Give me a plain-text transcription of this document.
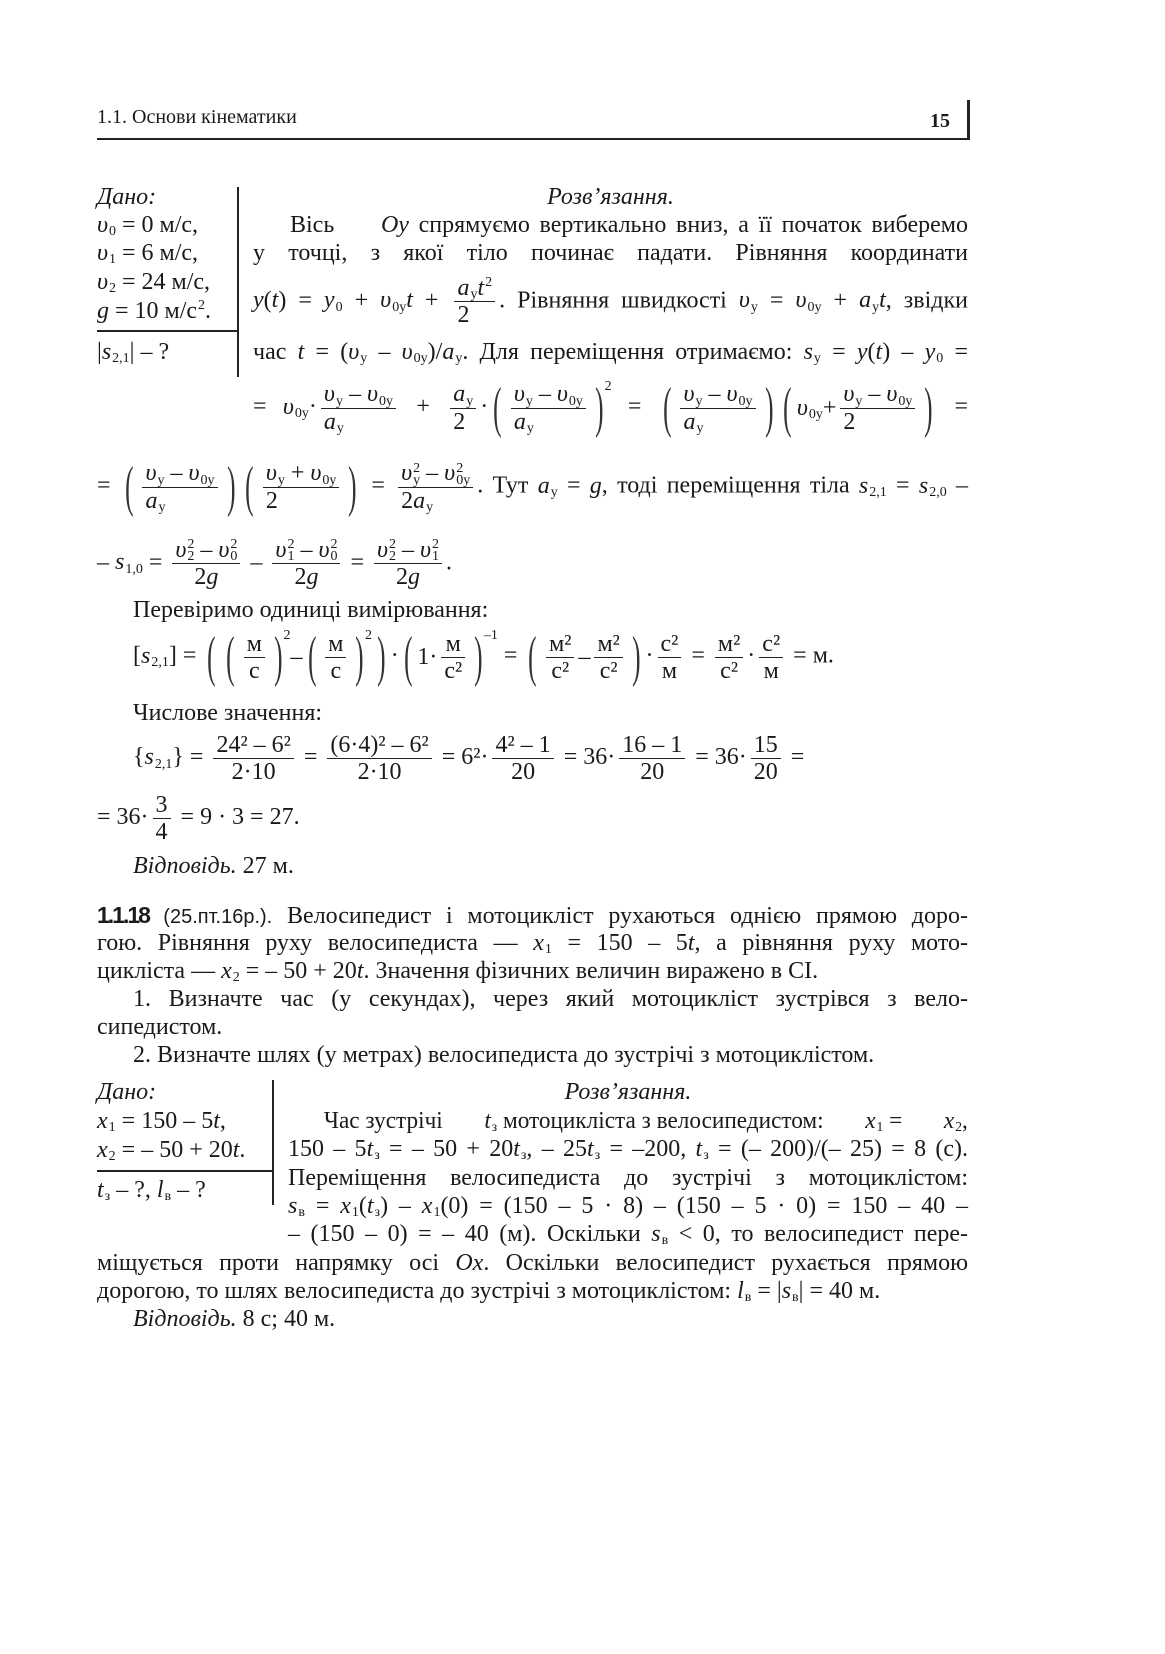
1.1. Основи кінематики	15
Дано:
υ 0 = 0 м/с,
υ 1 = 6 м/с,
υ 2 = 24 м/с,
g = 10 м/с 2 .
|s 2,1 | – ?
Розв’язання.
Вісь Oy спрямуємо вертикально вниз, а її початок виберемо
у точці, з якої тіло починає падати. Рівняння координати
y(t) = y 0 + υ 0y $t + \frac{\text{a y t 2}}{2}$ . Рівняння швидкості υ y = υ 0y + a y t, звідки
час t = (υ y – υ 0y )/a y . Для переміщення отримаємо: s y = y(t) – y 0 =
= υ $0y \cdot \frac{\text{υ y – υ 0y}}{\text{a y}} + \frac{\text{a y}}{2}$ · ( $\frac{\text{υ y – υ 0y}}{\text{a y}}$ ) 2
= ( $\frac{\text{υ y – υ 0y}}{\text{a y}}$ ) ( υ $0y + \frac{\text{υ y – υ 0y}}{2}$ ) =
= ( $\frac{\text{υ y – υ 0y}}{\text{a y}}$ ) ( $\frac{\text{υ y + υ 0y}}{2}$ ) = υ 2
y – υ 2
0y
2a y . Тут a y = g, тоді переміщення тіла s 2,1 = s 2,0 –
– s 1,0 = υ 2
2 – υ 2
0
2g – υ 2
1 – υ 2
0
2g = υ 2
2 – υ 2
1
2g .
Перевіримо одиниці вимірювання:
[s 2,1 ] = ( ( $\frac{м}{с}$ ) 2
– ( $\frac{м}{с}$ ) 2 ) · ( $1\cdot \frac{м}{\text{с²}}$ ) –1
= ( $\frac{\text{м²}}{\text{с²}} - \frac{\text{м²}}{\text{с²}}$ ) · $\frac{\text{с²}}{м} = \frac{\text{м²}}{\text{с²}} \cdot \frac{\text{с²}}{м} = м$.
Числове значення:
{s 2,1 } = $\frac{\text{24² – 6²}}{2\cdot 10} = \frac{\text{(6·4)² – 6²}}{2\cdot 10} = 6^2\cdot \frac{\text{4² – 1}}{20} = 36\cdot \frac{16 - 1}{20} = 36\cdot \frac{15}{20}$ =
= $36\cdot \frac{3}{4} = 9 \cdot 3 = 27$.
Відповідь. 27 м.
1.1.18 (25.пт.16р.). Велосипедист і мотоцикліст рухаються однією прямою доро-
гою. Рівняння руху велосипедиста — x 1 = 150 – 5t, а рівняння руху мото-
цикліста — x 2 = – 50 + 20t. Значення фізичних величин виражено в СІ.
1. Визначте час (у секундах), через який мотоцикліст зустрівся з вело-
сипедистом.
2. Визначте шлях (у метрах) велосипедиста до зустрічі з мотоциклістом.
Дано:
x 1 = 150 – 5t,
x 2 = – 50 + 20t.
t з – ?, l в – ?
Розв’язання.
Час зустрічі t з мотоцикліста з велосипедистом: x 1 = x 2 ,
150 – 5t з = – 50 + 20t з , – 25t з = –200, t з = (– 200)/(– 25) = 8 (с).
Переміщення велосипедиста до зустрічі з мотоциклістом:
s в = x 1 (t з ) – x 1 (0) = (150 – 5 · 8) – (150 – 5 · 0) = 150 – 40 –
– (150 – 0) = – 40 (м). Оскільки s в < 0, то велосипедист пере-
міщується проти напрямку осі Ox. Оскільки велосипедист рухається прямою
дорогою, то шлях велосипедиста до зустрічі з мотоциклістом: l в = |s в | = 40 м.
Відповідь. 8 с; 40 м.
